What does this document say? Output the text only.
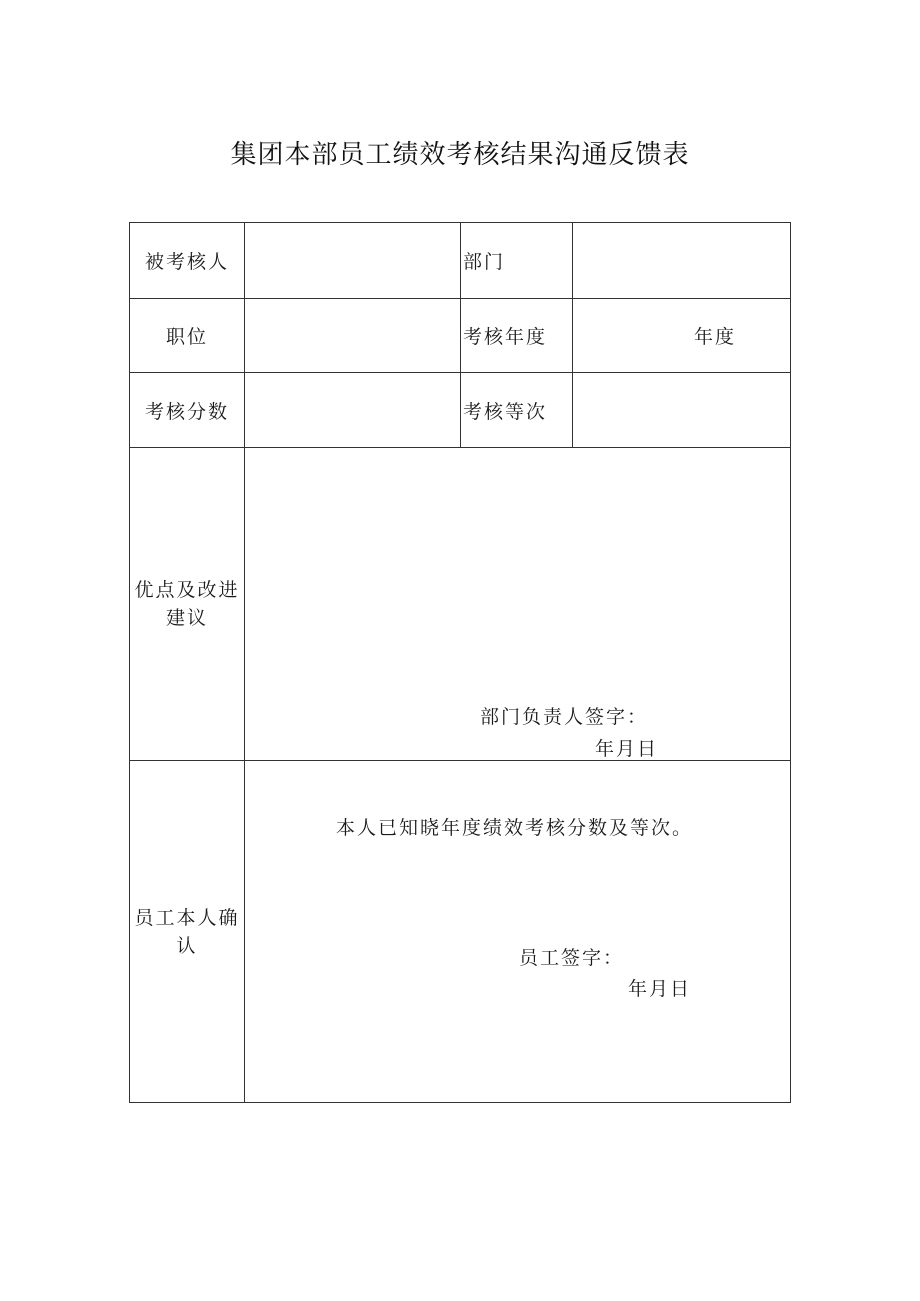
集团本部员工绩效考核结果沟通反馈表
被考核人		部门	
职位		考核年度	年度
考核分数		考核等次	
优点及改进建议	部门负责人签字：
年月日		

员工本人确认	本人已知晓年度绩效考核分数及等次。
员工签字：
年月日		
